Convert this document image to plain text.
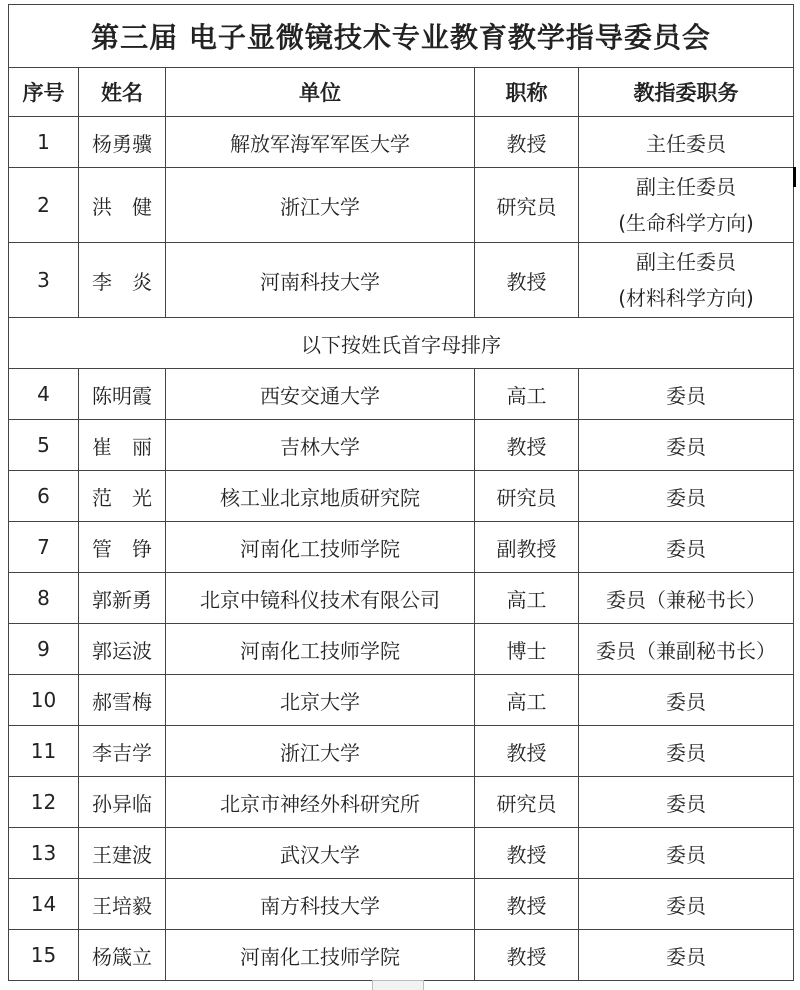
第三届 电子显微镜技术专业教育教学指导委员会				
序号	姓名	单位	职称	教指委职务
1	杨勇骥	解放军海军军医大学	教授	主任委员
2	洪　健	浙江大学	研究员	副主任委员
(生命科学方向)

3	李　炎	河南科技大学	教授	副主任委员
(材料科学方向)

以下按姓氏首字母排序				
4	陈明霞	西安交通大学	高工	委员
5	崔　丽	吉林大学	教授	委员
6	范　光	核工业北京地质研究院	研究员	委员
7	管　铮	河南化工技师学院	副教授	委员
8	郭新勇	北京中镜科仪技术有限公司	高工	委员（兼秘书长）
9	郭运波	河南化工技师学院	博士	委员（兼副秘书长）
10	郝雪梅	北京大学	高工	委员
11	李吉学	浙江大学	教授	委员
12	孙异临	北京市神经外科研究所	研究员	委员
13	王建波	武汉大学	教授	委员
14	王培毅	南方科技大学	教授	委员
15	杨箴立	河南化工技师学院	教授	委员
